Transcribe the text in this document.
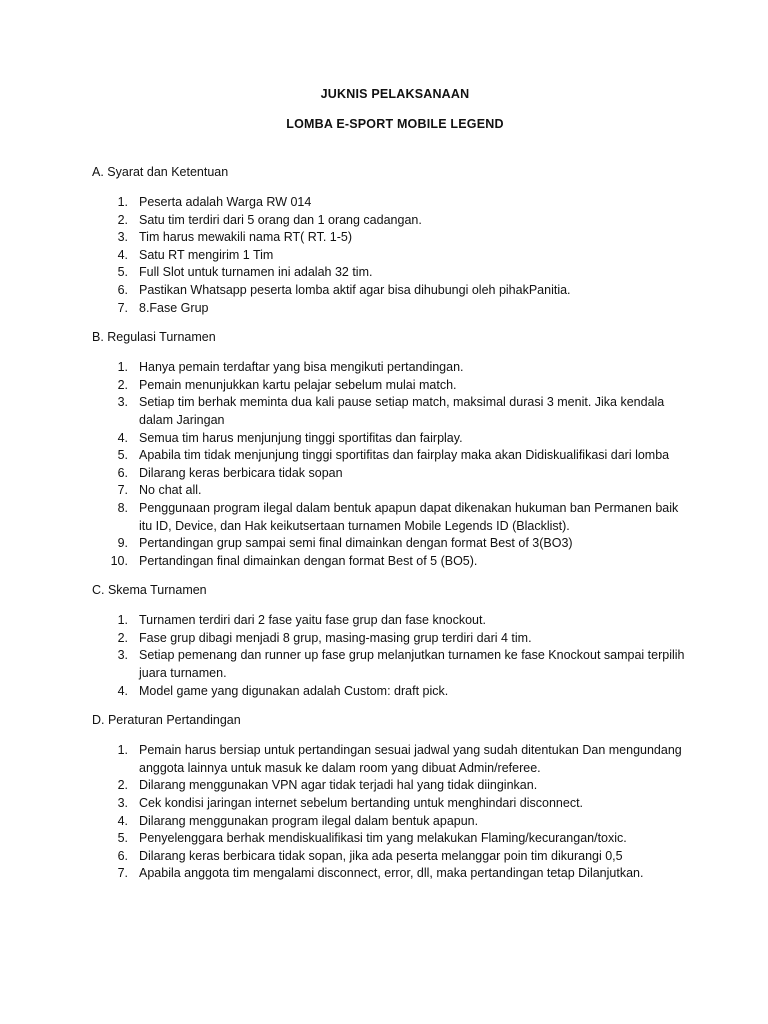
JUKNIS PELAKSANAAN

LOMBA E-SPORT MOBILE LEGEND

A. Syarat dan Ketentuan

1. Peserta adalah Warga RW 014
2. Satu tim terdiri dari 5 orang dan 1 orang cadangan.
3. Tim harus mewakili nama RT( RT. 1-5)
4. Satu RT mengirim 1 Tim
5. Full Slot untuk turnamen ini adalah 32 tim.
6. Pastikan Whatsapp peserta lomba aktif agar bisa dihubungi oleh pihakPanitia.
7. 8.Fase Grup

B. Regulasi Turnamen

1. Hanya pemain terdaftar yang bisa mengikuti pertandingan.
2. Pemain menunjukkan kartu pelajar sebelum mulai match.
3. Setiap tim berhak meminta dua kali pause setiap match, maksimal durasi 3 menit. Jika kendala dalam Jaringan
4. Semua tim harus menjunjung tinggi sportifitas dan fairplay.
5. Apabila tim tidak menjunjung tinggi sportifitas dan fairplay maka akan Didiskualifikasi dari lomba
6. Dilarang keras berbicara tidak sopan
7. No chat all.
8. Penggunaan program ilegal dalam bentuk apapun dapat dikenakan hukuman ban Permanen baik itu ID, Device, dan Hak keikutsertaan turnamen Mobile Legends ID (Blacklist).
9. Pertandingan grup sampai semi final dimainkan dengan format Best of 3(BO3)
10. Pertandingan final dimainkan dengan format Best of 5 (BO5).

C. Skema Turnamen

1. Turnamen terdiri dari 2 fase yaitu fase grup dan fase knockout.
2. Fase grup dibagi menjadi 8 grup, masing-masing grup terdiri dari 4 tim.
3. Setiap pemenang dan runner up fase grup melanjutkan turnamen ke fase Knockout sampai terpilih juara turnamen.
4. Model game yang digunakan adalah Custom: draft pick.

D. Peraturan Pertandingan

1. Pemain harus bersiap untuk pertandingan sesuai jadwal yang sudah ditentukan Dan mengundang anggota lainnya untuk masuk ke dalam room yang dibuat Admin/referee.
2. Dilarang menggunakan VPN agar tidak terjadi hal yang tidak diinginkan.
3. Cek kondisi jaringan internet sebelum bertanding untuk menghindari disconnect.
4. Dilarang menggunakan program ilegal dalam bentuk apapun.
5. Penyelenggara berhak mendiskualifikasi tim yang melakukan Flaming/kecurangan/toxic.
6. Dilarang keras berbicara tidak sopan, jika ada peserta melanggar poin tim dikurangi 0,5
7. Apabila anggota tim mengalami disconnect, error, dll, maka pertandingan tetap Dilanjutkan.
